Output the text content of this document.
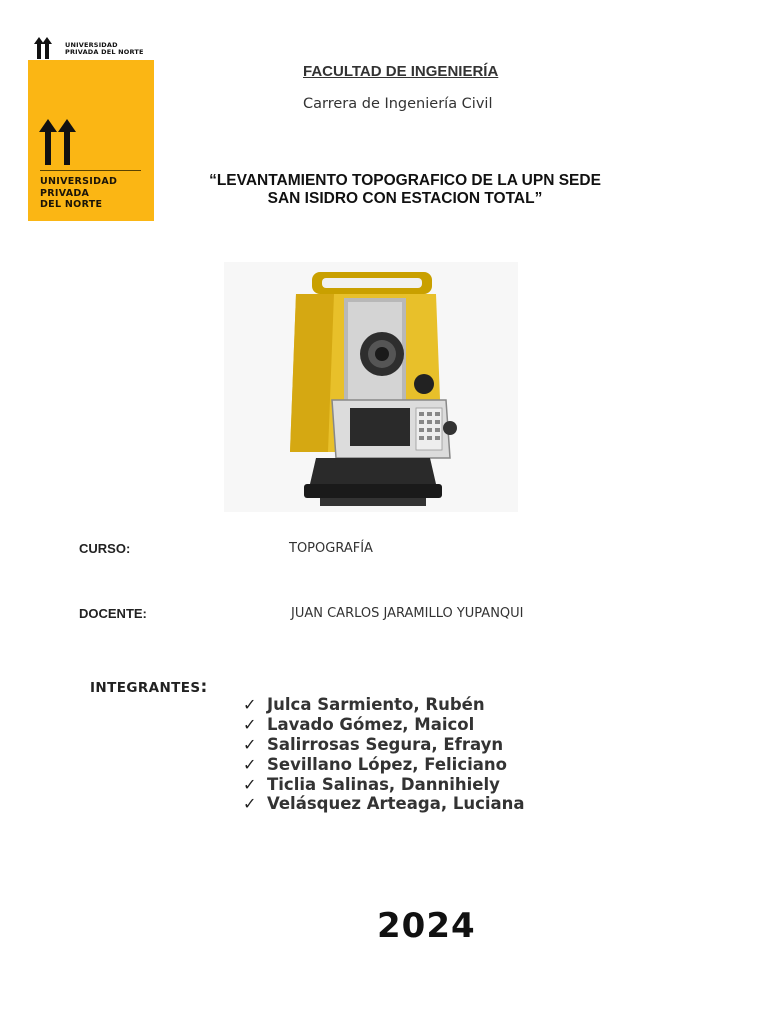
UNIVERSIDAD
PRIVADA DEL NORTE
UNIVERSIDAD
PRIVADA
DEL NORTE
FACULTAD DE INGENIERÍA
Carrera de Ingeniería Civil
“LEVANTAMIENTO TOPOGRAFICO DE LA UPN SEDE
SAN ISIDRO CON ESTACION TOTAL”
CURSO:	TOPOGRAFÍA
DOCENTE:	JUAN CARLOS JARAMILLO YUPANQUI
INTEGRANTES:
✓ Julca Sarmiento, Rubén
✓ Lavado Gómez, Maicol
✓ Salirrosas Segura, Efrayn
✓ Sevillano López, Feliciano
✓ Ticlia Salinas, Dannihiely
✓ Velásquez Arteaga, Luciana
2024
